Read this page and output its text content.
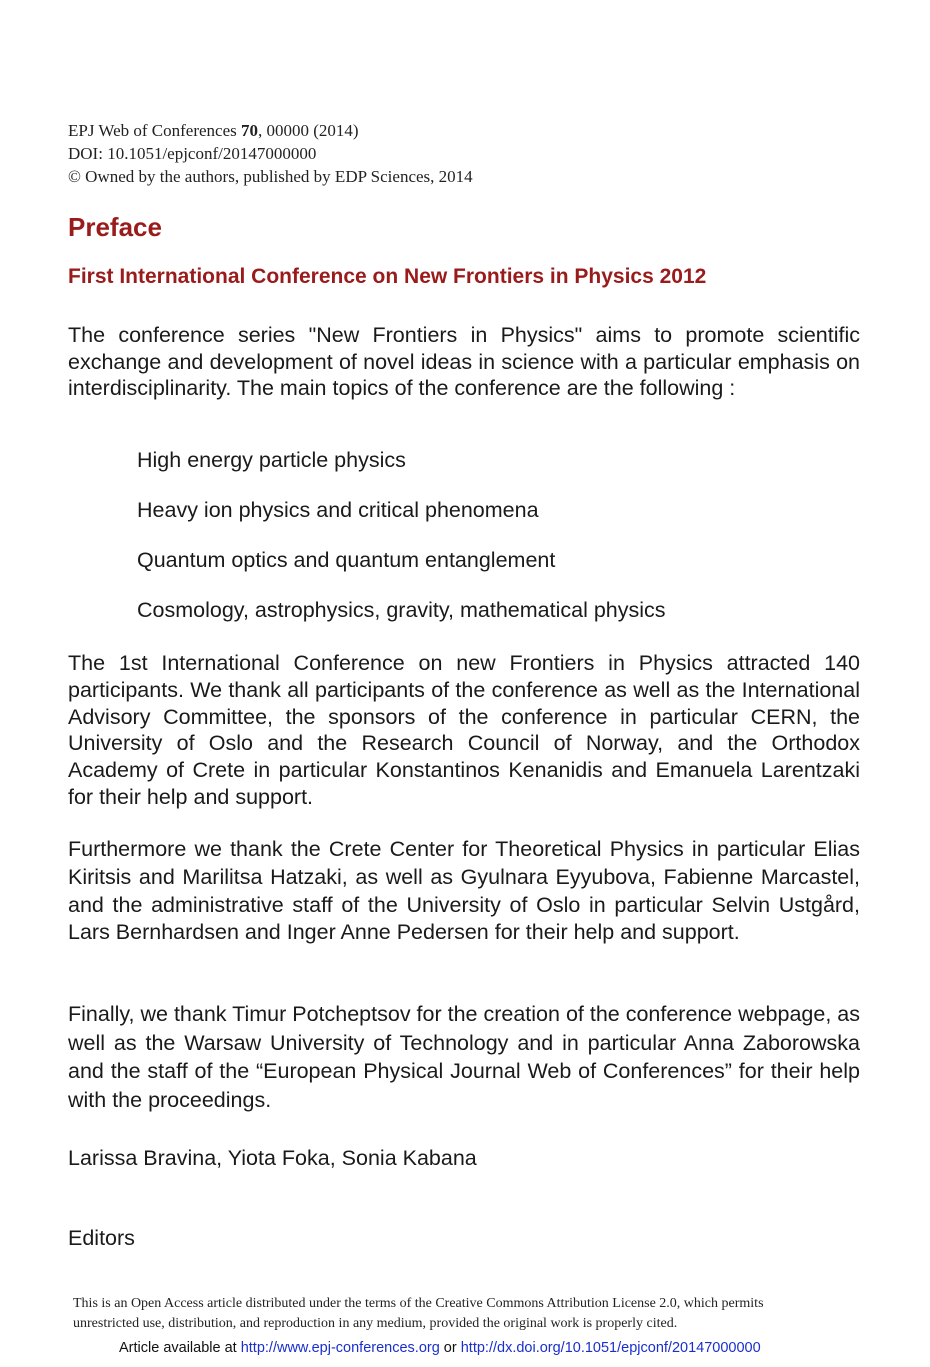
EPJ Web of Conferences 70, 00000 (2014)
DOI: 10.1051/epjconf/20147000000
© Owned by the authors, published by EDP Sciences, 2014
Preface
First International Conference on New Frontiers in Physics 2012

The conference series "New Frontiers in Physics" aims to promote scientific exchange and development of novel ideas in science with a particular emphasis on interdisciplinarity. The main topics of the conference are the following :

High energy particle physics
Heavy ion physics and critical phenomena
Quantum optics and quantum entanglement
Cosmology, astrophysics, gravity, mathematical physics

The 1st International Conference on new Frontiers in Physics attracted 140 participants. We thank all participants of the conference as well as the International Advisory Committee, the sponsors of the conference in particular CERN, the University of Oslo and the Research Council of Norway, and the Orthodox Academy of Crete in particular Konstantinos Kenanidis and Emanuela Larentzaki for their help and support.

Furthermore we thank the Crete Center for Theoretical Physics in particular Elias Kiritsis and Marilitsa Hatzaki, as well as Gyulnara Eyyubova, Fabienne Marcastel, and the administrative staff of the University of Oslo in particular Selvin Ustgård, Lars Bernhardsen and Inger Anne Pedersen for their help and support.

Finally, we thank Timur Potcheptsov for the creation of the conference webpage, as well as the Warsaw University of Technology and in particular Anna Zaborowska and the staff of the “European Physical Journal Web of Conferences” for their help with the proceedings.

Larissa Bravina, Yiota Foka, Sonia Kabana

Editors

This is an Open Access article distributed under the terms of the Creative Commons Attribution License 2.0, which permits
unrestricted use, distribution, and reproduction in any medium, provided the original work is properly cited.

Article available at http://www.epj-conferences.org or http://dx.doi.org/10.1051/epjconf/20147000000
